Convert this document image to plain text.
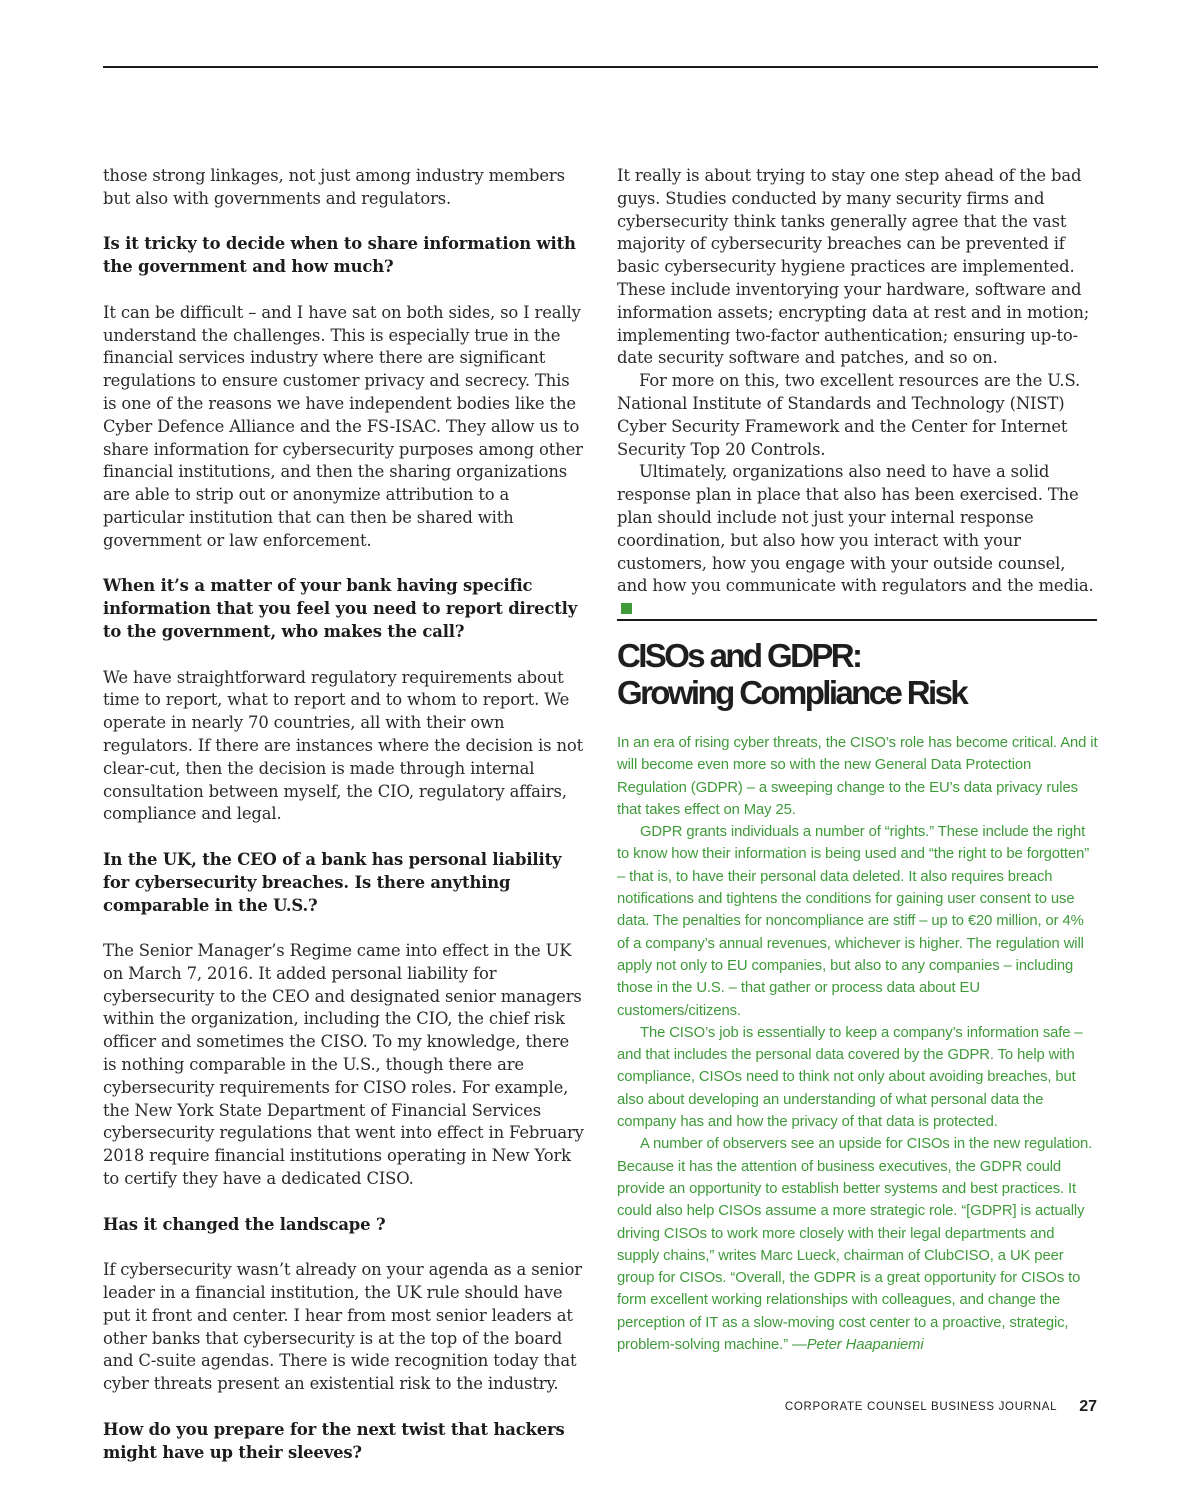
those strong linkages, not just among industry members but also with governments and regulators.

Is it tricky to decide when to share information with the government and how much?

It can be difficult – and I have sat on both sides, so I really understand the challenges. This is especially true in the financial services industry where there are significant regulations to ensure customer privacy and secrecy. This is one of the reasons we have independent bodies like the Cyber Defence Alliance and the FS-ISAC. They allow us to share information for cybersecurity purposes among other financial institutions, and then the sharing organizations are able to strip out or anonymize attribution to a particular institution that can then be shared with government or law enforcement.

When it’s a matter of your bank having specific information that you feel you need to report directly to the government, who makes the call?

We have straightforward regulatory requirements about time to report, what to report and to whom to report. We operate in nearly 70 countries, all with their own regulators. If there are instances where the decision is not clear-cut, then the decision is made through internal consultation between myself, the CIO, regulatory affairs, compliance and legal.

In the UK, the CEO of a bank has personal liability for cybersecurity breaches. Is there anything comparable in the U.S.?

The Senior Manager’s Regime came into effect in the UK on March 7, 2016. It added personal liability for cybersecurity to the CEO and designated senior managers within the organization, including the CIO, the chief risk officer and sometimes the CISO. To my knowledge, there is nothing comparable in the U.S., though there are cybersecurity requirements for CISO roles. For example, the New York State Department of Financial Services cybersecurity regulations that went into effect in February 2018 require financial institutions operating in New York to certify they have a dedicated CISO.

Has it changed the landscape ?

If cybersecurity wasn’t already on your agenda as a senior leader in a financial institution, the UK rule should have put it front and center. I hear from most senior leaders at other banks that cybersecurity is at the top of the board and C-suite agendas. There is wide recognition today that cyber threats present an existential risk to the industry.

How do you prepare for the next twist that hackers might have up their sleeves?

It really is about trying to stay one step ahead of the bad guys. Studies conducted by many security firms and cybersecurity think tanks generally agree that the vast majority of cybersecurity breaches can be prevented if basic cybersecurity hygiene practices are implemented. These include inventorying your hardware, software and information assets; encrypting data at rest and in motion; implementing two-factor authentication; ensuring up-to-date security software and patches, and so on.

For more on this, two excellent resources are the U.S. National Institute of Standards and Technology (NIST) Cyber Security Framework and the Center for Internet Security Top 20 Controls.

Ultimately, organizations also need to have a solid response plan in place that also has been exercised. The plan should include not just your internal response coordination, but also how you interact with your customers, how you engage with your outside counsel, and how you communicate with regulators and the media.

CISOs and GDPR:
Growing Compliance Risk

In an era of rising cyber threats, the CISO’s role has become critical. And it will become even more so with the new General Data Protection Regulation (GDPR) – a sweeping change to the EU’s data privacy rules that takes effect on May 25.

GDPR grants individuals a number of “rights.” These include the right to know how their information is being used and “the right to be forgotten” – that is, to have their personal data deleted. It also requires breach notifications and tightens the conditions for gaining user consent to use data. The penalties for noncompliance are stiff – up to €20 million, or 4% of a company’s annual revenues, whichever is higher. The regulation will apply not only to EU companies, but also to any companies – including those in the U.S. – that gather or process data about EU customers/citizens.

The CISO’s job is essentially to keep a company’s information safe – and that includes the personal data covered by the GDPR. To help with compliance, CISOs need to think not only about avoiding breaches, but also about developing an understanding of what personal data the company has and how the privacy of that data is protected.

A number of observers see an upside for CISOs in the new regulation. Because it has the attention of business executives, the GDPR could provide an opportunity to establish better systems and best practices. It could also help CISOs assume a more strategic role. “[GDPR] is actually driving CISOs to work more closely with their legal departments and supply chains,” writes Marc Lueck, chairman of ClubCISO, a UK peer group for CISOs. “Overall, the GDPR is a great opportunity for CISOs to form excellent working relationships with colleagues, and change the perception of IT as a slow-moving cost center to a proactive, strategic, problem-solving machine.” —Peter Haapaniemi

CORPORATE COUNSEL BUSINESS JOURNAL 27
